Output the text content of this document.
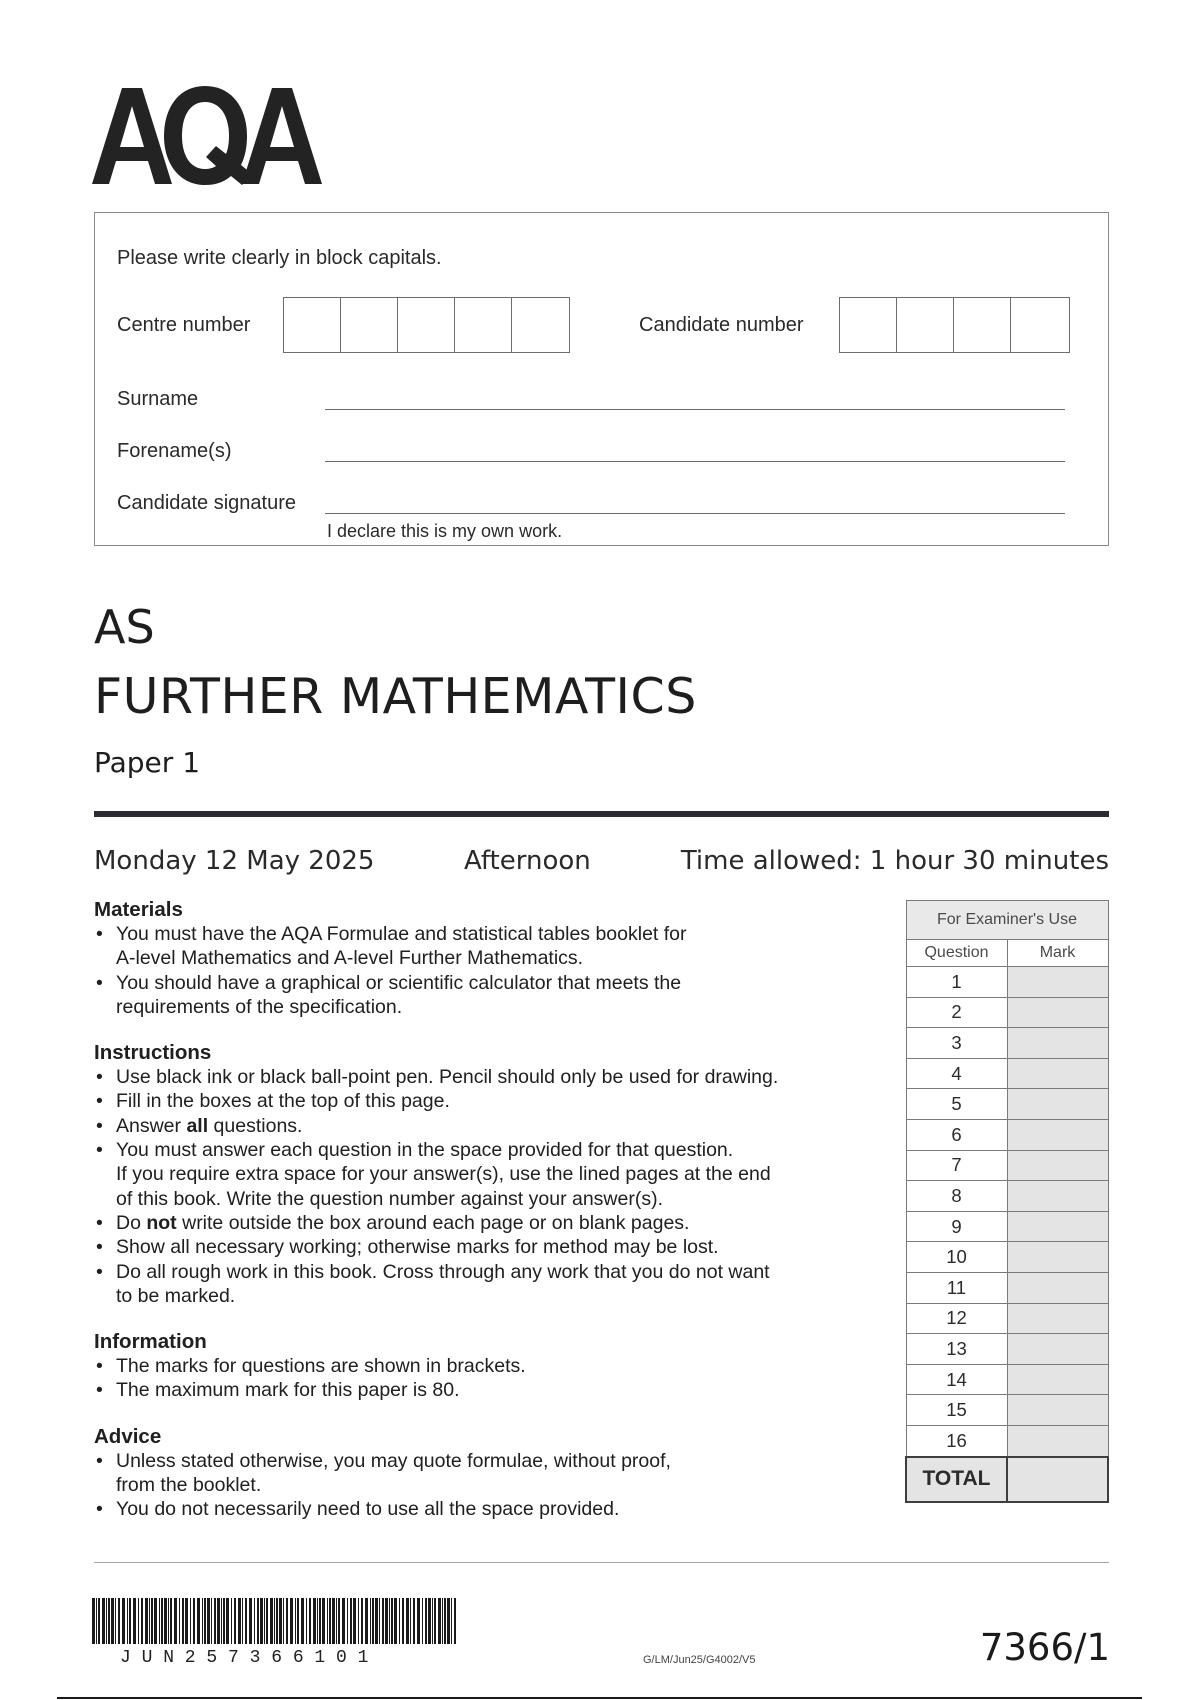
Please write clearly in block capitals.
Centre number	Candidate number
Surname
Forename(s)
Candidate signature
I declare this is my own work.
AS
FURTHER MATHEMATICS
Paper 1
Monday 12 May 2025	Afternoon	Time allowed: 1 hour 30 minutes
Materials
• You must have the AQA Formulae and statistical tables booklet for
A-level Mathematics and A-level Further Mathematics.
• You should have a graphical or scientific calculator that meets the
requirements of the specification.
Instructions
• Use black ink or black ball-point pen. Pencil should only be used for drawing.
• Fill in the boxes at the top of this page.
• Answer all questions.
• You must answer each question in the space provided for that question.
If you require extra space for your answer(s), use the lined pages at the end
of this book. Write the question number against your answer(s).
• Do not write outside the box around each page or on blank pages.
• Show all necessary working; otherwise marks for method may be lost.
• Do all rough work in this book. Cross through any work that you do not want
to be marked.
Information
• The marks for questions are shown in brackets.
• The maximum mark for this paper is 80.
Advice
• Unless stated otherwise, you may quote formulae, without proof,
from the booklet.
• You do not necessarily need to use all the space provided.
For Examiner's Use	
Question	Mark
1	
2	
3	
4	
5	
6	
7	
8	
9	
10	
11	
12	
13	
14	
15	
16	
TOTAL	
JUN257366101	G/LM/Jun25/G4002/V5	7366/1
